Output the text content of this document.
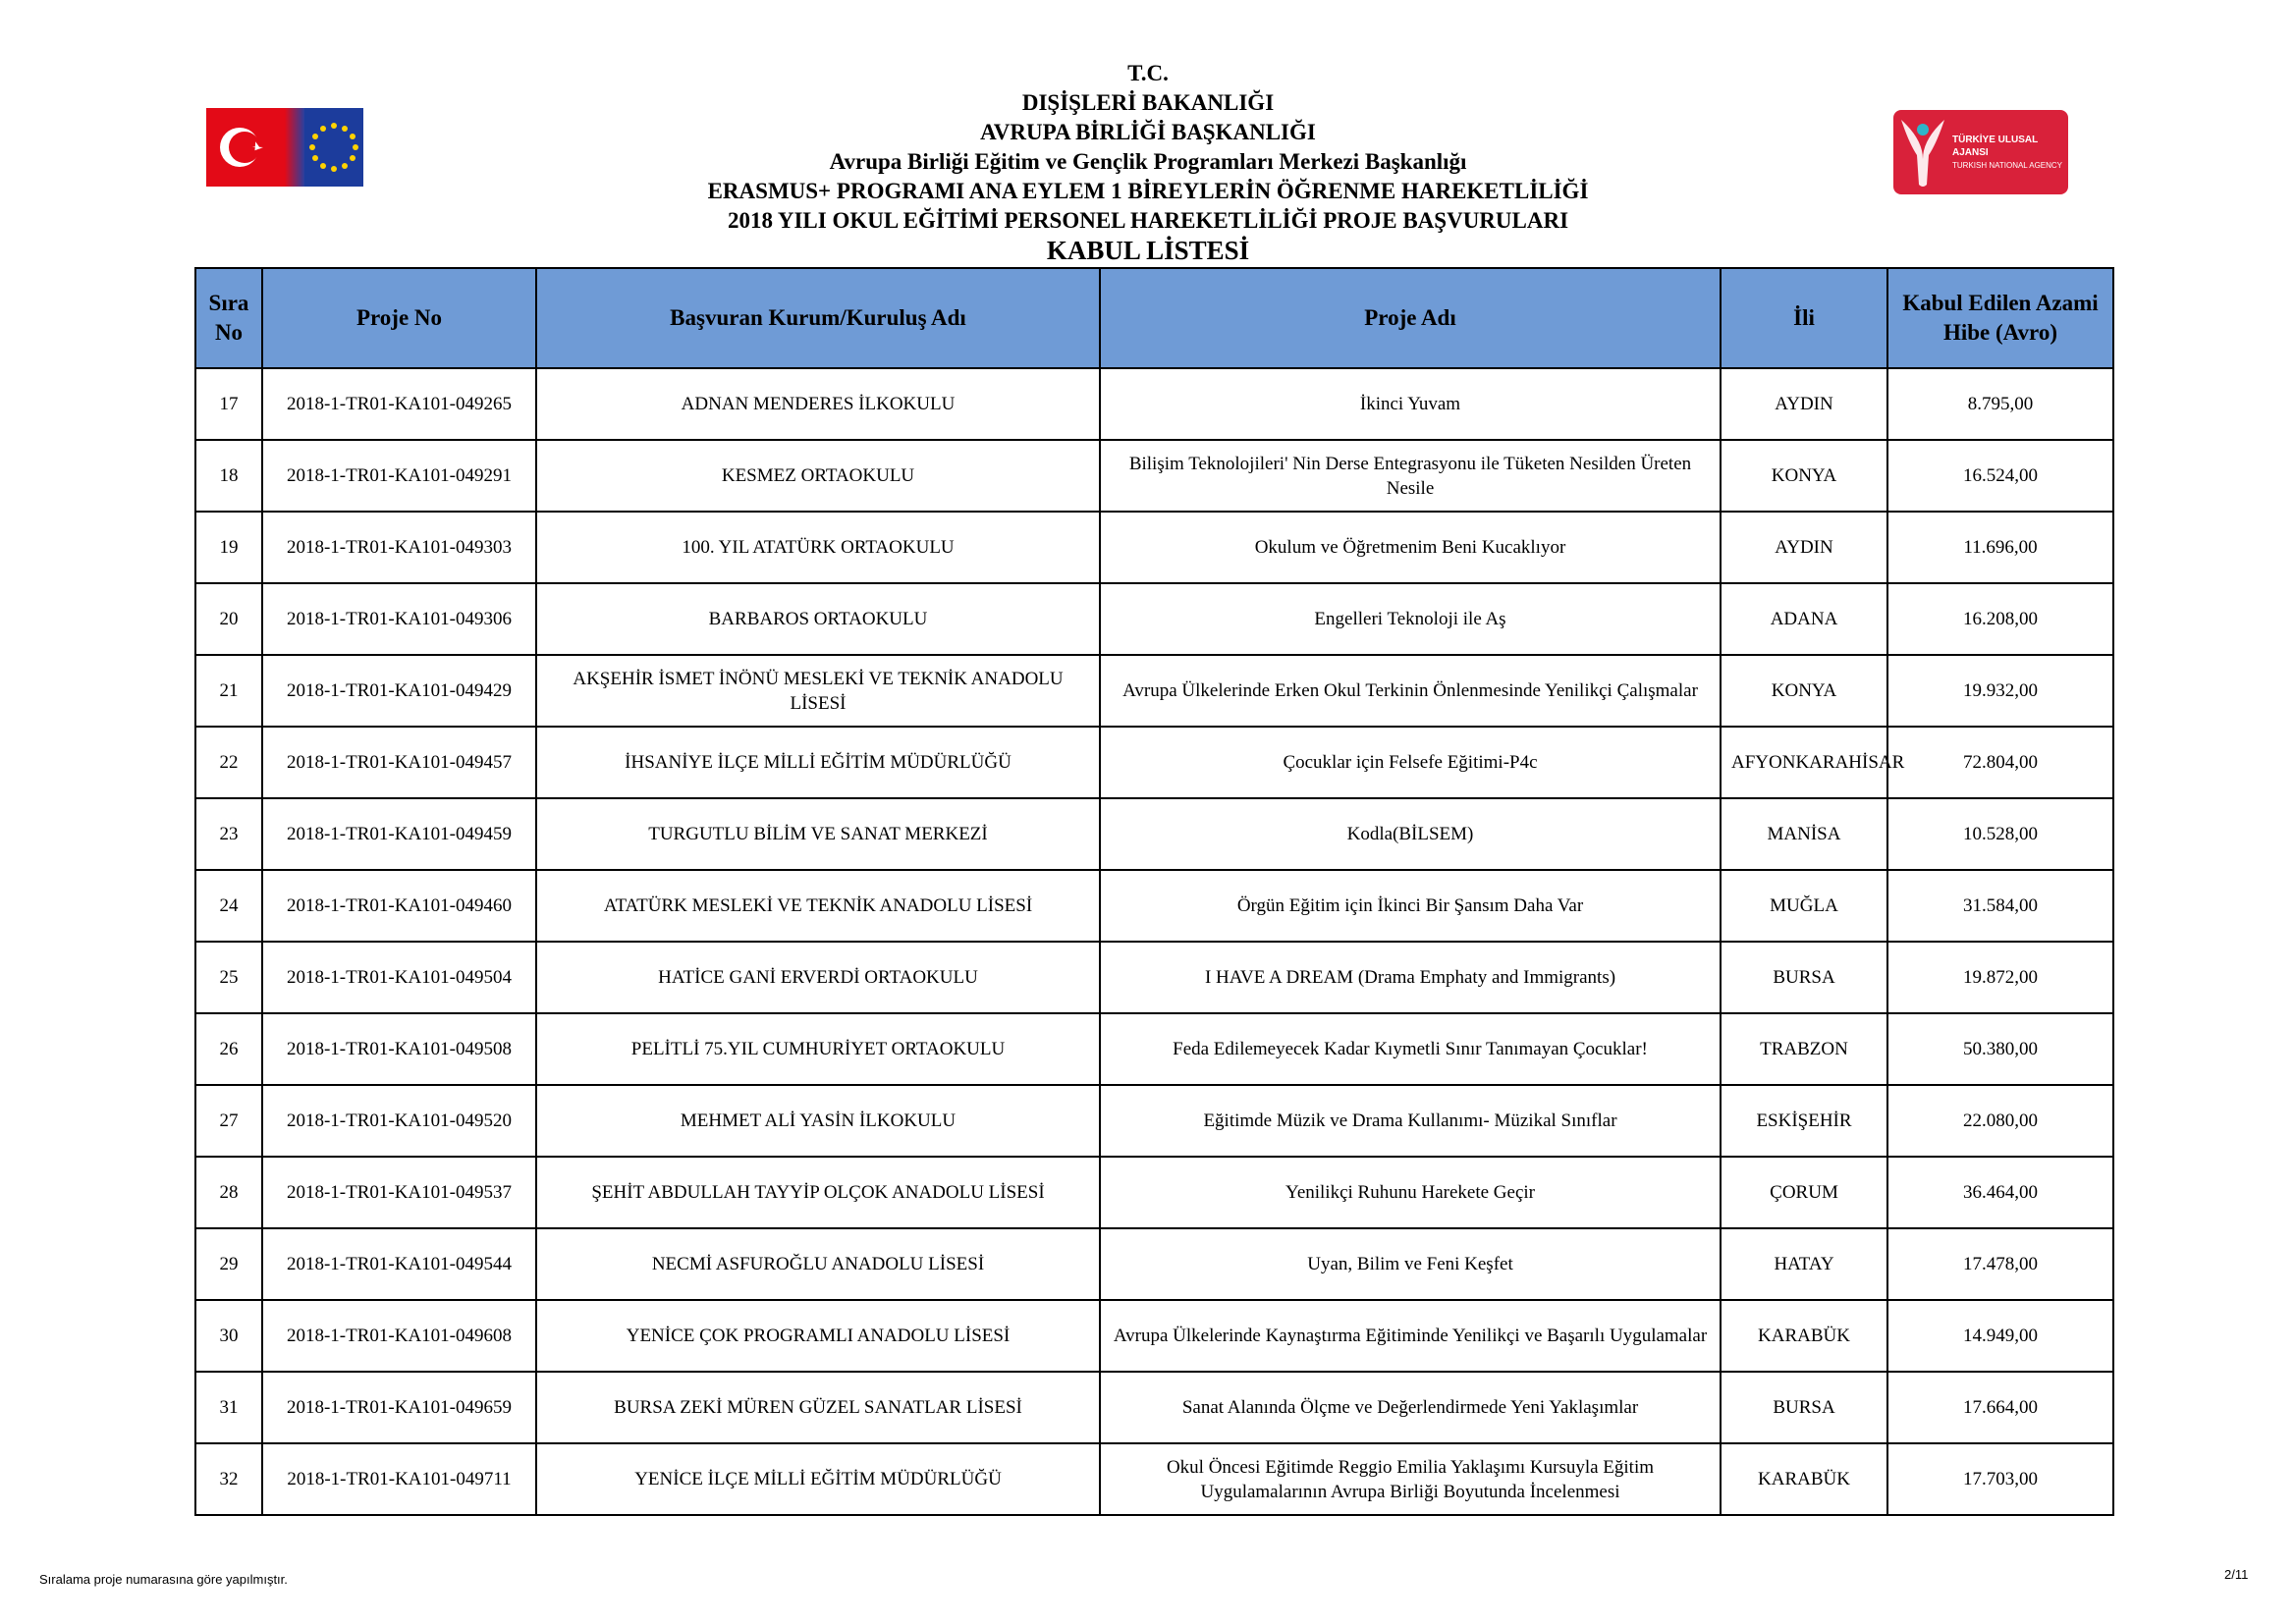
T.C.
DIŞİŞLERİ BAKANLIĞI
AVRUPA BİRLİĞİ BAŞKANLIĞI
Avrupa Birliği Eğitim ve Gençlik Programları Merkezi Başkanlığı
ERASMUS+ PROGRAMI ANA EYLEM 1 BİREYLERİN ÖĞRENME HAREKETLİLİĞİ
2018 YILI OKUL EĞİTİMİ PERSONEL HAREKETLİLİĞİ PROJE BAŞVURULARI
KABUL LİSTESİ
TÜRKİYE ULUSAL AJANSI
TURKISH NATIONAL AGENCY
Sıra No	Proje No	Başvuran Kurum/Kuruluş Adı	Proje Adı	İli	Kabul Edilen Azami Hibe (Avro)
17	2018-1-TR01-KA101-049265	ADNAN MENDERES İLKOKULU	İkinci Yuvam	AYDIN	8.795,00
18	2018-1-TR01-KA101-049291	KESMEZ ORTAOKULU	Bilişim Teknolojileri' Nin Derse Entegrasyonu ile Tüketen Nesilden Üreten Nesile	KONYA	16.524,00
19	2018-1-TR01-KA101-049303	100. YIL ATATÜRK ORTAOKULU	Okulum ve Öğretmenim Beni Kucaklıyor	AYDIN	11.696,00
20	2018-1-TR01-KA101-049306	BARBAROS ORTAOKULU	Engelleri Teknoloji ile Aş	ADANA	16.208,00
21	2018-1-TR01-KA101-049429	AKŞEHİR İSMET İNÖNÜ MESLEKİ VE TEKNİK ANADOLU LİSESİ	Avrupa Ülkelerinde Erken Okul Terkinin Önlenmesinde Yenilikçi Çalışmalar	KONYA	19.932,00
22	2018-1-TR01-KA101-049457	İHSANİYE İLÇE MİLLİ EĞİTİM MÜDÜRLÜĞÜ	Çocuklar için Felsefe Eğitimi-P4c	AFYONKARAHİSAR	72.804,00
23	2018-1-TR01-KA101-049459	TURGUTLU BİLİM VE SANAT MERKEZİ	Kodla(BİLSEM)	MANİSA	10.528,00
24	2018-1-TR01-KA101-049460	ATATÜRK MESLEKİ VE TEKNİK ANADOLU LİSESİ	Örgün Eğitim için İkinci Bir Şansım Daha Var	MUĞLA	31.584,00
25	2018-1-TR01-KA101-049504	HATİCE GANİ ERVERDİ ORTAOKULU	I HAVE A DREAM (Drama Emphaty and Immigrants)	BURSA	19.872,00
26	2018-1-TR01-KA101-049508	PELİTLİ 75.YIL CUMHURİYET ORTAOKULU	Feda Edilemeyecek Kadar Kıymetli Sınır Tanımayan Çocuklar!	TRABZON	50.380,00
27	2018-1-TR01-KA101-049520	MEHMET ALİ YASİN İLKOKULU	Eğitimde Müzik ve Drama Kullanımı- Müzikal Sınıflar	ESKİŞEHİR	22.080,00
28	2018-1-TR01-KA101-049537	ŞEHİT ABDULLAH TAYYİP OLÇOK ANADOLU LİSESİ	Yenilikçi Ruhunu Harekete Geçir	ÇORUM	36.464,00
29	2018-1-TR01-KA101-049544	NECMİ ASFUROĞLU ANADOLU LİSESİ	Uyan, Bilim ve Feni Keşfet	HATAY	17.478,00
30	2018-1-TR01-KA101-049608	YENİCE ÇOK PROGRAMLI ANADOLU LİSESİ	Avrupa Ülkelerinde Kaynaştırma Eğitiminde Yenilikçi ve Başarılı Uygulamalar	KARABÜK	14.949,00
31	2018-1-TR01-KA101-049659	BURSA ZEKİ MÜREN GÜZEL SANATLAR LİSESİ	Sanat Alanında Ölçme ve Değerlendirmede Yeni Yaklaşımlar	BURSA	17.664,00
32	2018-1-TR01-KA101-049711	YENİCE İLÇE MİLLİ EĞİTİM MÜDÜRLÜĞÜ	Okul Öncesi Eğitimde Reggio Emilia Yaklaşımı Kursuyla Eğitim Uygulamalarının Avrupa Birliği Boyutunda İncelenmesi	KARABÜK	17.703,00
Sıralama proje numarasına göre yapılmıştır.	2/11
